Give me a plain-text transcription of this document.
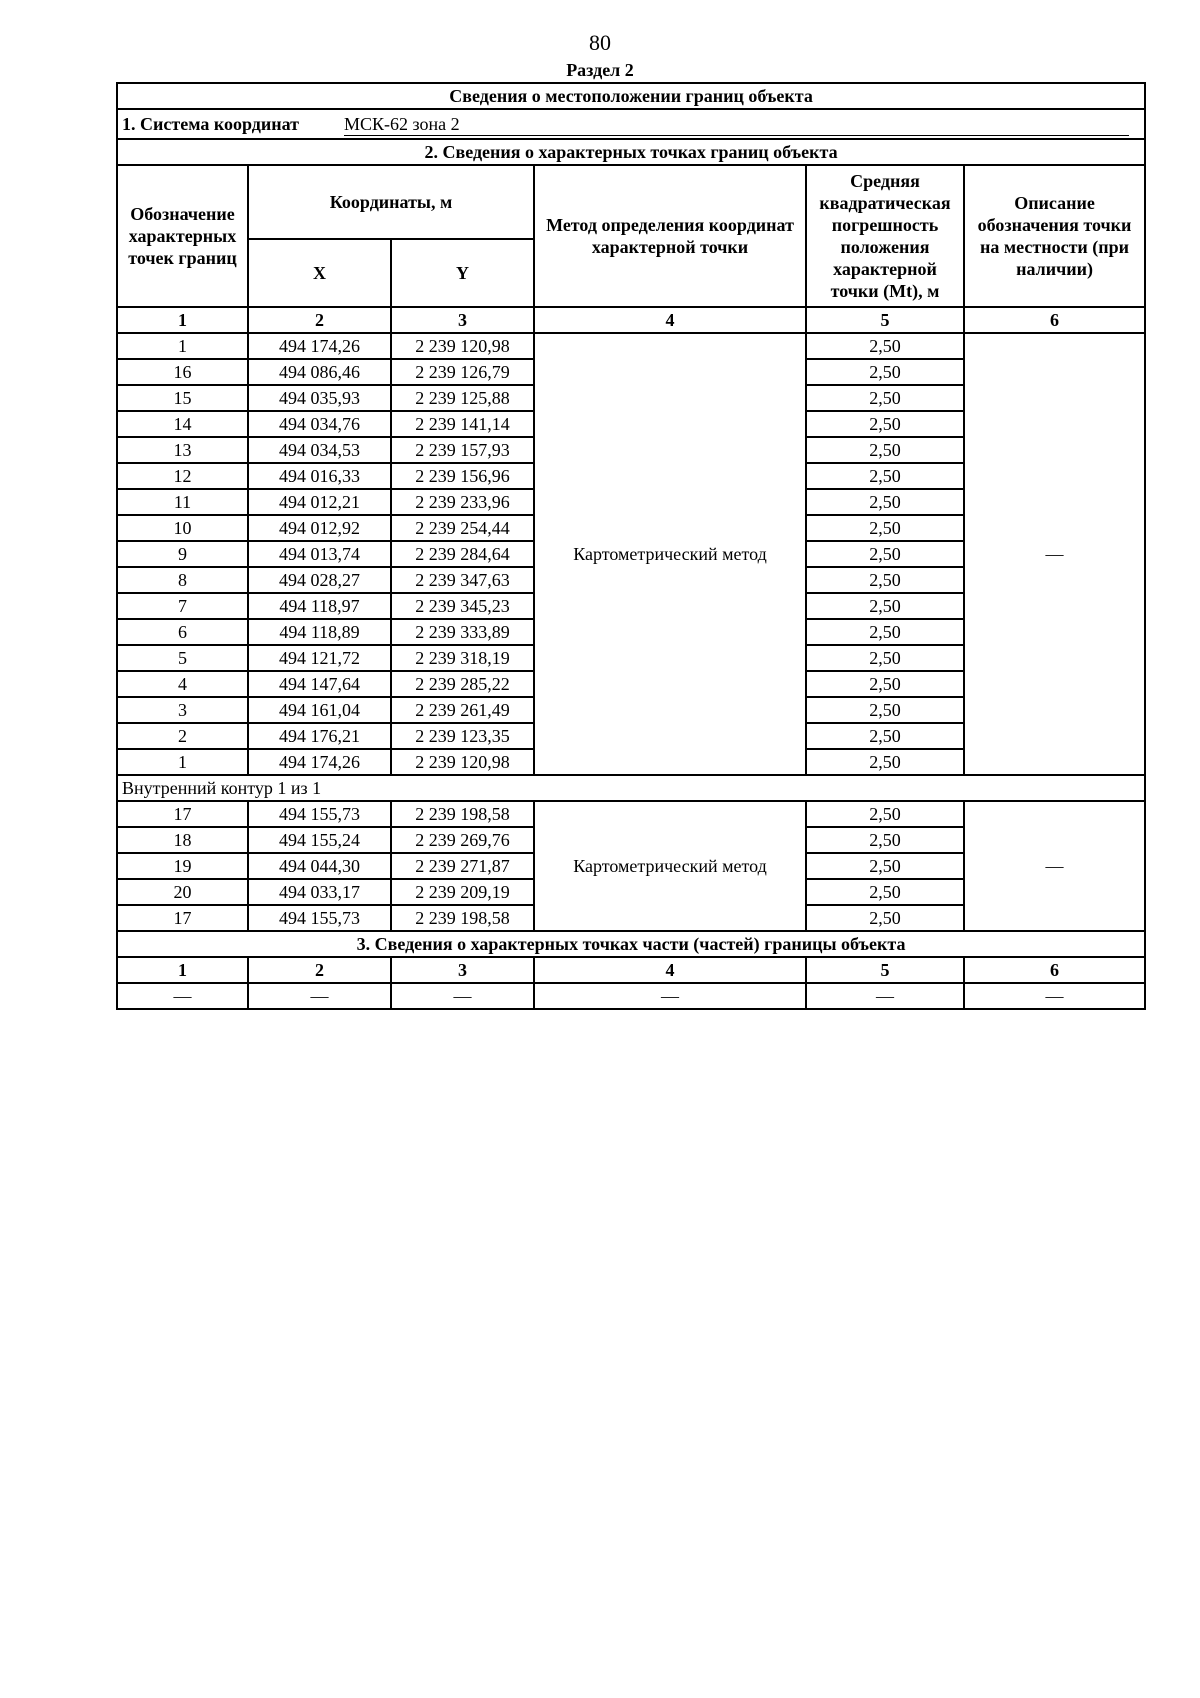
80
Раздел 2
Сведения о местоположении границ объекта					
1. Система координат МСК-62 зона 2					
2. Сведения о характерных точках границ объекта					
Обозначение характерных точек границ	Координаты, м		Метод определения координат характерной точки	Средняя квадратическая погрешность положения характерной точки (Mt), м	Описание обозначения точки на местности (при наличии)
	X	Y			
1	2	3	4	5	6
1	494 174,26	2 239 120,98	Картометрический метод	2,50	—
16	494 086,46	2 239 126,79		2,50	
15	494 035,93	2 239 125,88		2,50	
14	494 034,76	2 239 141,14		2,50	
13	494 034,53	2 239 157,93		2,50	
12	494 016,33	2 239 156,96		2,50	
11	494 012,21	2 239 233,96		2,50	
10	494 012,92	2 239 254,44		2,50	
9	494 013,74	2 239 284,64		2,50	
8	494 028,27	2 239 347,63		2,50	
7	494 118,97	2 239 345,23		2,50	
6	494 118,89	2 239 333,89		2,50	
5	494 121,72	2 239 318,19		2,50	
4	494 147,64	2 239 285,22		2,50	
3	494 161,04	2 239 261,49		2,50	
2	494 176,21	2 239 123,35		2,50	
1	494 174,26	2 239 120,98		2,50	
Внутренний контур 1 из 1					
17	494 155,73	2 239 198,58	Картометрический метод	2,50	—
18	494 155,24	2 239 269,76		2,50	
19	494 044,30	2 239 271,87		2,50	
20	494 033,17	2 239 209,19		2,50	
17	494 155,73	2 239 198,58		2,50	
3. Сведения о характерных точках части (частей) границы объекта					
1	2	3	4	5	6
—	—	—	—	—	—
